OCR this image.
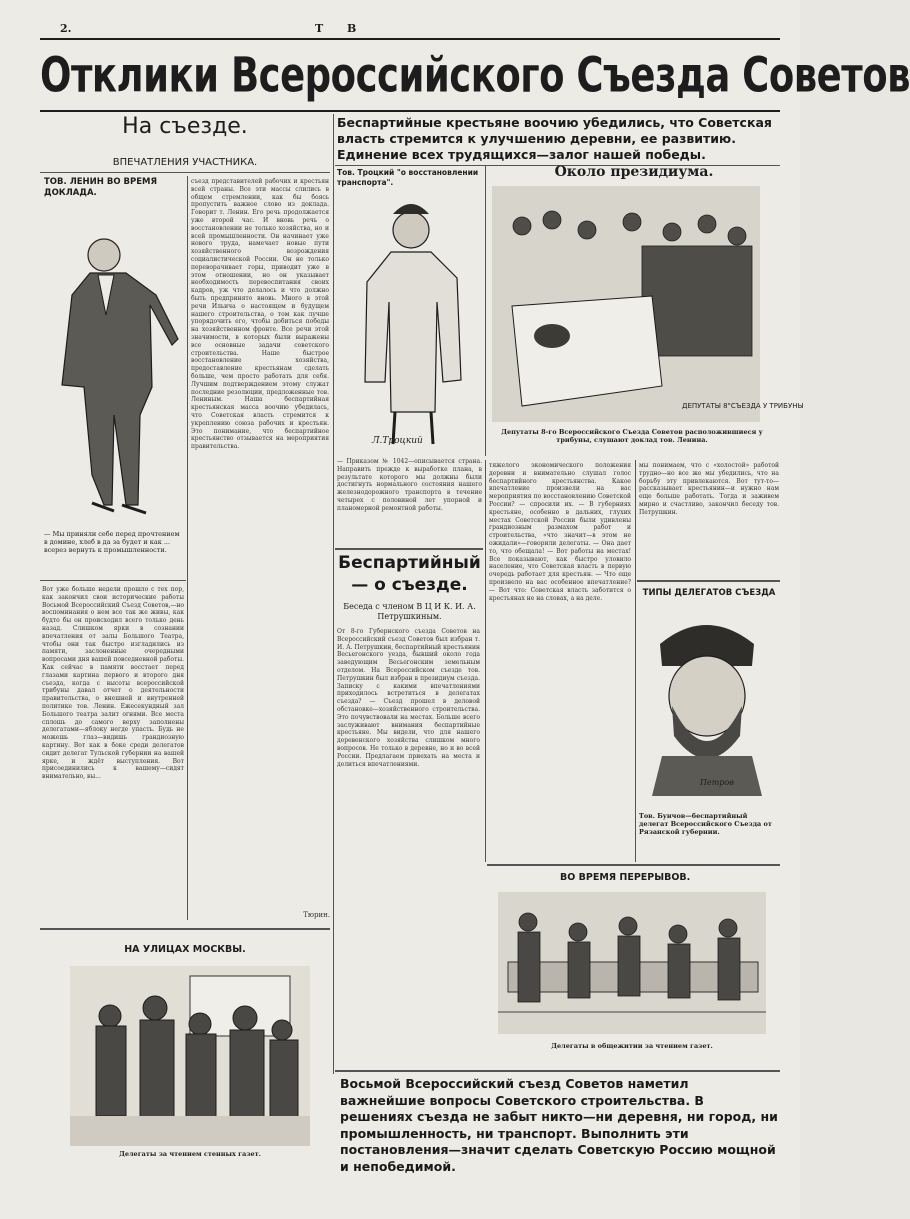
2.	Т В
Отклики Всероссийского Съезда Советов
На съезде.
ВПЕЧАТЛЕНИЯ УЧАСТНИКА.
ТОВ. ЛЕНИН ВО ВРЕМЯ ДОКЛАДА.
— Мы приняли себе перед прочтением в домине, хлеб в да за будет и как ... всерез вернуть к промышленности.
съезд представителей рабочих и крестьян всей страны. Все эти массы слились в общем стремлении, как бы боясь пропустить важное слово из доклада. Говорит т. Ленин. Его речь продолжается уже второй час. И вновь речь о восстановлении не только хозяйства, но и всей промышленности. Он начинает уже нового труда, намечает новые пути хозяйственного возрождения социалистической России. Он не только переворачивает горы, приводит уже в этом отношении, но он указывает необходимость перевоспитания своих кадров, уж что делалось и что должно быть предпринято вновь. Много в этой речи Ильича о настоящем и будущем нашего строительства, о том как лучше упорядочить его, чтобы добиться победы на хозяйственном фронте. Все речи этой значимости, в которых были выражены все основные задачи советского строительства. Наше быстрое восстановление хозяйства, предоставление крестьянам сделать больше, чем просто работать для себя. Лучшим подтверждением этому служат последние резолюции, предложенные тов. Лениным. Наша беспартийная крестьянская масса воочию убедилась, что Советская власть стремится к укреплению союза рабочих и крестьян. Это понимание, что беспартийное крестьянство отзывается на мероприятия правительства.
Вот уже больше недели прошло с тех пор, как закончил свои исторические работы Восьмой Всероссийский Съезд Советов,—но воспоминания о нем все так же живы, как будто бы он происходил всего только день назад. Слишком ярки в сознании впечатления от залы Большого Театра, чтобы они так быстро изгладились из памяти, заслоненные очередными вопросами дня вашей повседневной работы. Как сейчас в памяти восстает перед глазами картина первого и второго дня съезда, когда с высоты всероссийской трибуны давал отчет о деятельности правительства, о внешней и внутренней политике тов. Ленин. Ежесекундный зал Большого театра залит огнями. Все места сплошь до самого верху заполнены делегатами—яблоку негде упасть. Будь не можешь глаз—видишь грандиозную картину. Вот как в боке среди делегатов сидит делегат Тульской губернии на вашей ярке, и ждёт выступления. Вот присоединились к вашему—сидят внимательно, вы...
Тюрин.
НА УЛИЦАХ МОСКВЫ.
Делегаты за чтением стенных газет.
Беспартийные крестьяне воочию убедились, что Советская власть стремится к улучшению деревни, ее развитию. Единение всех трудящихся—залог нашей победы.
Тов. Троцкий "о восстановлении транспорта".
Л.Троцкий
— Приказом № 1042—описывается страна. Направить прежде к выработке плана, в результате которого мы должны были достигнуть нормального состояния нашего железнодорожного транспорта в течение четырех с половиной лет упорной и планомерной ремонтной работы.
Около президиума.
ДЕПУТАТЫ 8"СЪЕЗДА У ТРИБУНЫ
Депутаты 8-го Всероссийского Съезда Советов расположившиеся у трибуны, слушают доклад тов. Ленина.
Беспартийный— о съезде.
Беседа с членом В Ц И К. И. А. Петрушкиным.
От 8-го Губернского съезда Советов на Всероссийский съезд Советов был избран т. И. А. Петрушкин, беспартийный крестьянин Весьегонского уезда, бывший около года заведующим Весьегонским земельным отделом. На Всероссийском съезде тов. Петрушкин был избран в президиум съезда. Записку с какими впечатлениями приходилось встретиться в делегатах съезда? — Съезд прошел в деловой обстановке—хозяйственного строительства. Это почувствовали на местах. Больше всего заслуживают внимания беспартийные крестьяне. Мы видели, что для нашего деревенского хозяйства слишком много вопросов. Не только в деревне, но и во всей России. Предлагаем приехать на места и делиться впечатлениями.
тяжелого экономического положения деревни и внимательно слушал голос беспартийного крестьянства. Какое впечатление произвели на вас мероприятия по восстановлению Советской России? — спросили их. — В губерниях крестьяне, особенно в дальних, глухих местах Советской России были удивлены грандиозным размахом работ и строительства, «что значит—в этом не ожидали»—говорили делегаты. — Она дает то, что обещала! — Вот работы на местах! Все показывают, как быстро уловило население, что Советская власть в первую очередь работает для крестьян. — Что еще произвело на вас особенное впечатление? — Вот что: Советская власть заботится о крестьянах не на словах, а на деле.
мы понимаем, что с «холостой» работой трудно—но все же мы убедились, что на борьбу эту привлекаются. Вот тут-то—рассказывает крестьянин—и нужно нам еще больше работать. Тогда и заживем мирно и счастливо, закончил беседу тов. Петрушкин.
ТИПЫ ДЕЛЕГАТОВ СЪЕЗДА
Петров
Тов. Бунчов—беспартийный делегат Всероссийского Съезда от Рязанской губернии.
ВО ВРЕМЯ ПЕРЕРЫВОВ.
Делегаты в общежитии за чтением газет.
Восьмой Всероссийский съезд Советов наметил важнейшие вопросы Советского строительства. В решениях съезда не забыт никто—ни деревня, ни город, ни промышленность, ни транспорт. Выполнить эти постановления—значит сделать Советскую Россию мощной и непобедимой.
